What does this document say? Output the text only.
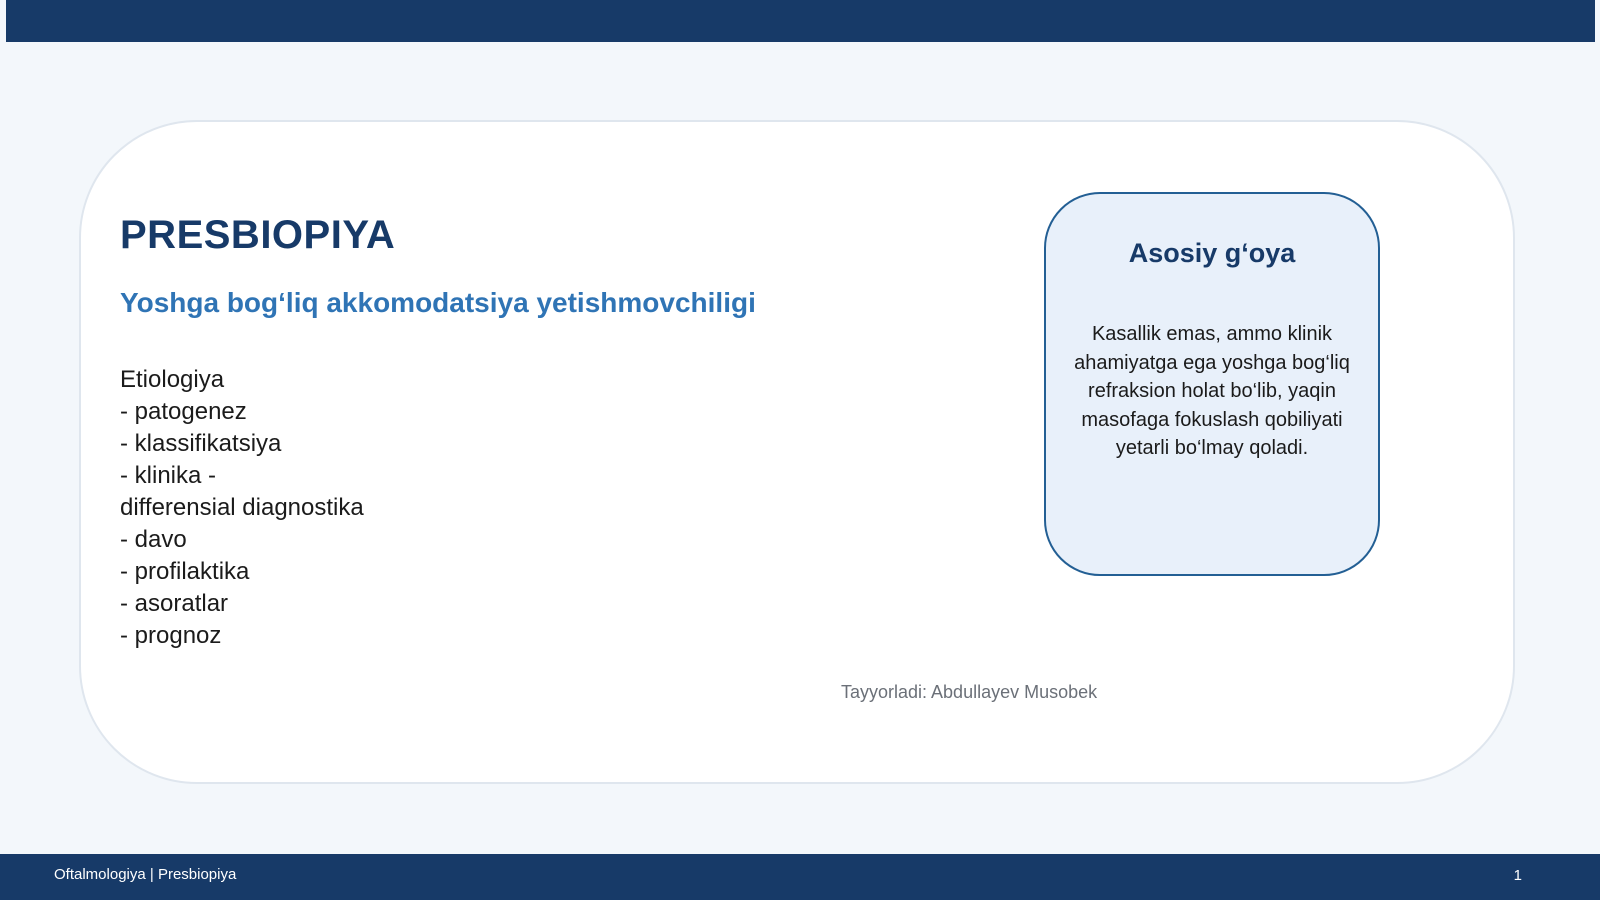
PRESBIOPIYA
Yoshga bog‘liq akkomodatsiya yetishmovchiligi
Etiologiya
- patogenez
- klassifikatsiya
- klinika -
differensial diagnostika
- davo
- profilaktika
- asoratlar
- prognoz
Asosiy g‘oya
Kasallik emas, ammo klinik ahamiyatga ega yoshga bog‘liq refraksion holat bo‘lib, yaqin masofaga fokuslash qobiliyati yetarli bo‘lmay qoladi.
Tayyorladi: Abdullayev Musobek
Oftalmologiya | Presbiopiya	1
